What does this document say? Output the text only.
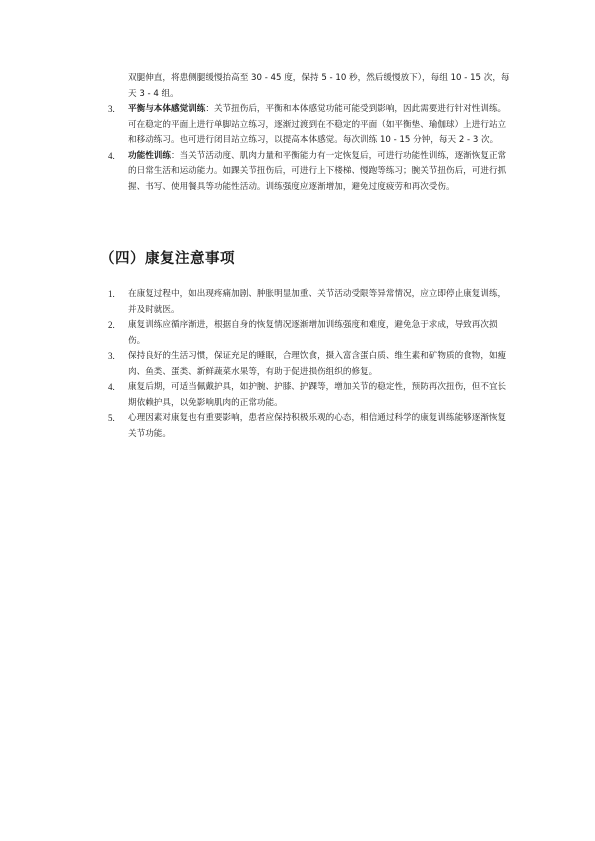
双腿伸直，将患侧腿缓慢抬高至 30 - 45 度，保持 5 - 10 秒，然后缓慢放下），每组 10 - 15 次，每天 3 - 4 组。
3. 平衡与本体感觉训练：关节扭伤后，平衡和本体感觉功能可能受到影响，因此需要进行针对性训练。可在稳定的平面上进行单脚站立练习，逐渐过渡到在不稳定的平面（如平衡垫、瑜伽球）上进行站立和移动练习。也可进行闭目站立练习，以提高本体感觉。每次训练 10 - 15 分钟，每天 2 - 3 次。
4. 功能性训练：当关节活动度、肌肉力量和平衡能力有一定恢复后，可进行功能性训练，逐渐恢复正常的日常生活和运动能力。如踝关节扭伤后，可进行上下楼梯、慢跑等练习；腕关节扭伤后，可进行抓握、书写、使用餐具等功能性活动。训练强度应逐渐增加，避免过度疲劳和再次受伤。
（四）康复注意事项
1. 在康复过程中，如出现疼痛加剧、肿胀明显加重、关节活动受限等异常情况，应立即停止康复训练，并及时就医。
2. 康复训练应循序渐进，根据自身的恢复情况逐渐增加训练强度和难度，避免急于求成，导致再次损伤。
3. 保持良好的生活习惯，保证充足的睡眠，合理饮食，摄入富含蛋白质、维生素和矿物质的食物，如瘦肉、鱼类、蛋类、新鲜蔬菜水果等，有助于促进损伤组织的修复。
4. 康复后期，可适当佩戴护具，如护腕、护膝、护踝等，增加关节的稳定性，预防再次扭伤，但不宜长期依赖护具，以免影响肌肉的正常功能。
5. 心理因素对康复也有重要影响，患者应保持积极乐观的心态，相信通过科学的康复训练能够逐渐恢复关节功能。
